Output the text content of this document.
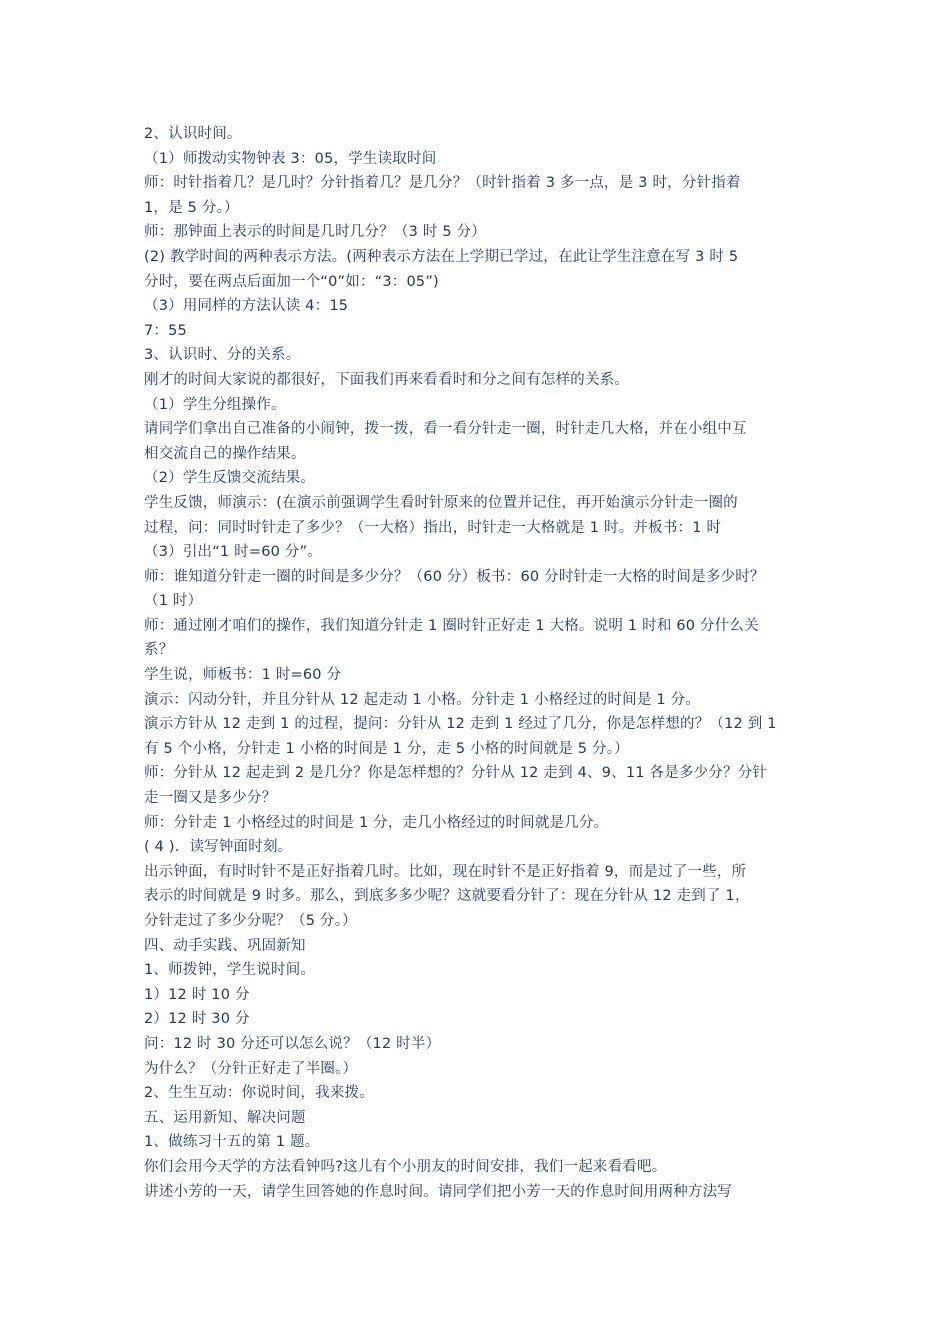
2、认识时间。
（1）师拨动实物钟表 3：05，学生读取时间
师：时针指着几？是几时？分针指着几？是几分？（时针指着 3 多一点，是 3 时，分针指着
1，是 5 分。）
师：那钟面上表示的时间是几时几分？（3 时 5 分）
(2) 教学时间的两种表示方法。(两种表示方法在上学期已学过，在此让学生注意在写 3 时 5
分时，要在两点后面加一个“0”如：“3：05”)
（3）用同样的方法认读 4：15
7：55
3、认识时、分的关系。
刚才的时间大家说的都很好，下面我们再来看看时和分之间有怎样的关系。
（1）学生分组操作。
请同学们拿出自己准备的小闹钟，拨一拨，看一看分针走一圈，时针走几大格，并在小组中互
相交流自己的操作结果。
（2）学生反馈交流结果。
学生反馈，师演示：(在演示前强调学生看时针原来的位置并记住，再开始演示分针走一圈的
过程，问：同时时针走了多少？（一大格）指出，时针走一大格就是 1 时。并板书：1 时
（3）引出“1 时=60 分”。
师：谁知道分针走一圈的时间是多少分？（60 分）板书：60 分时针走一大格的时间是多少时？
（1 时）
师：通过刚才咱们的操作，我们知道分针走 1 圈时针正好走 1 大格。说明 1 时和 60 分什么关
系？
学生说，师板书：1 时=60 分
演示：闪动分针，并且分针从 12 起走动 1 小格。分针走 1 小格经过的时间是 1 分。
演示方针从 12 走到 1 的过程，提问：分针从 12 走到 1 经过了几分，你是怎样想的？（12 到 1
有 5 个小格，分针走 1 小格的时间是 1 分，走 5 小格的时间就是 5 分。）
师：分针从 12 起走到 2 是几分？你是怎样想的？分针从 12 走到 4、9、11 各是多少分？分针
走一圈又是多少分？
师：分针走 1 小格经过的时间是 1 分，走几小格经过的时间就是几分。
( 4 )．读写钟面时刻。
出示钟面，有时时针不是正好指着几时。比如，现在时针不是正好指着 9，而是过了一些，所
表示的时间就是 9 时多。那么，到底多多少呢？这就要看分针了：现在分针从 12 走到了 1，
分针走过了多少分呢？（5 分。）
四、动手实践、巩固新知
1、师拨钟，学生说时间。
1）12 时 10 分
2）12 时 30 分
问：12 时 30 分还可以怎么说？（12 时半）
为什么？（分针正好走了半圈。）
2、生生互动：你说时间，我来拨。
五、运用新知、解决问题
1、做练习十五的第 1 题。
你们会用今天学的方法看钟吗?这儿有个小朋友的时间安排，我们一起来看看吧。
讲述小芳的一天，请学生回答她的作息时间。请同学们把小芳一天的作息时间用两种方法写
